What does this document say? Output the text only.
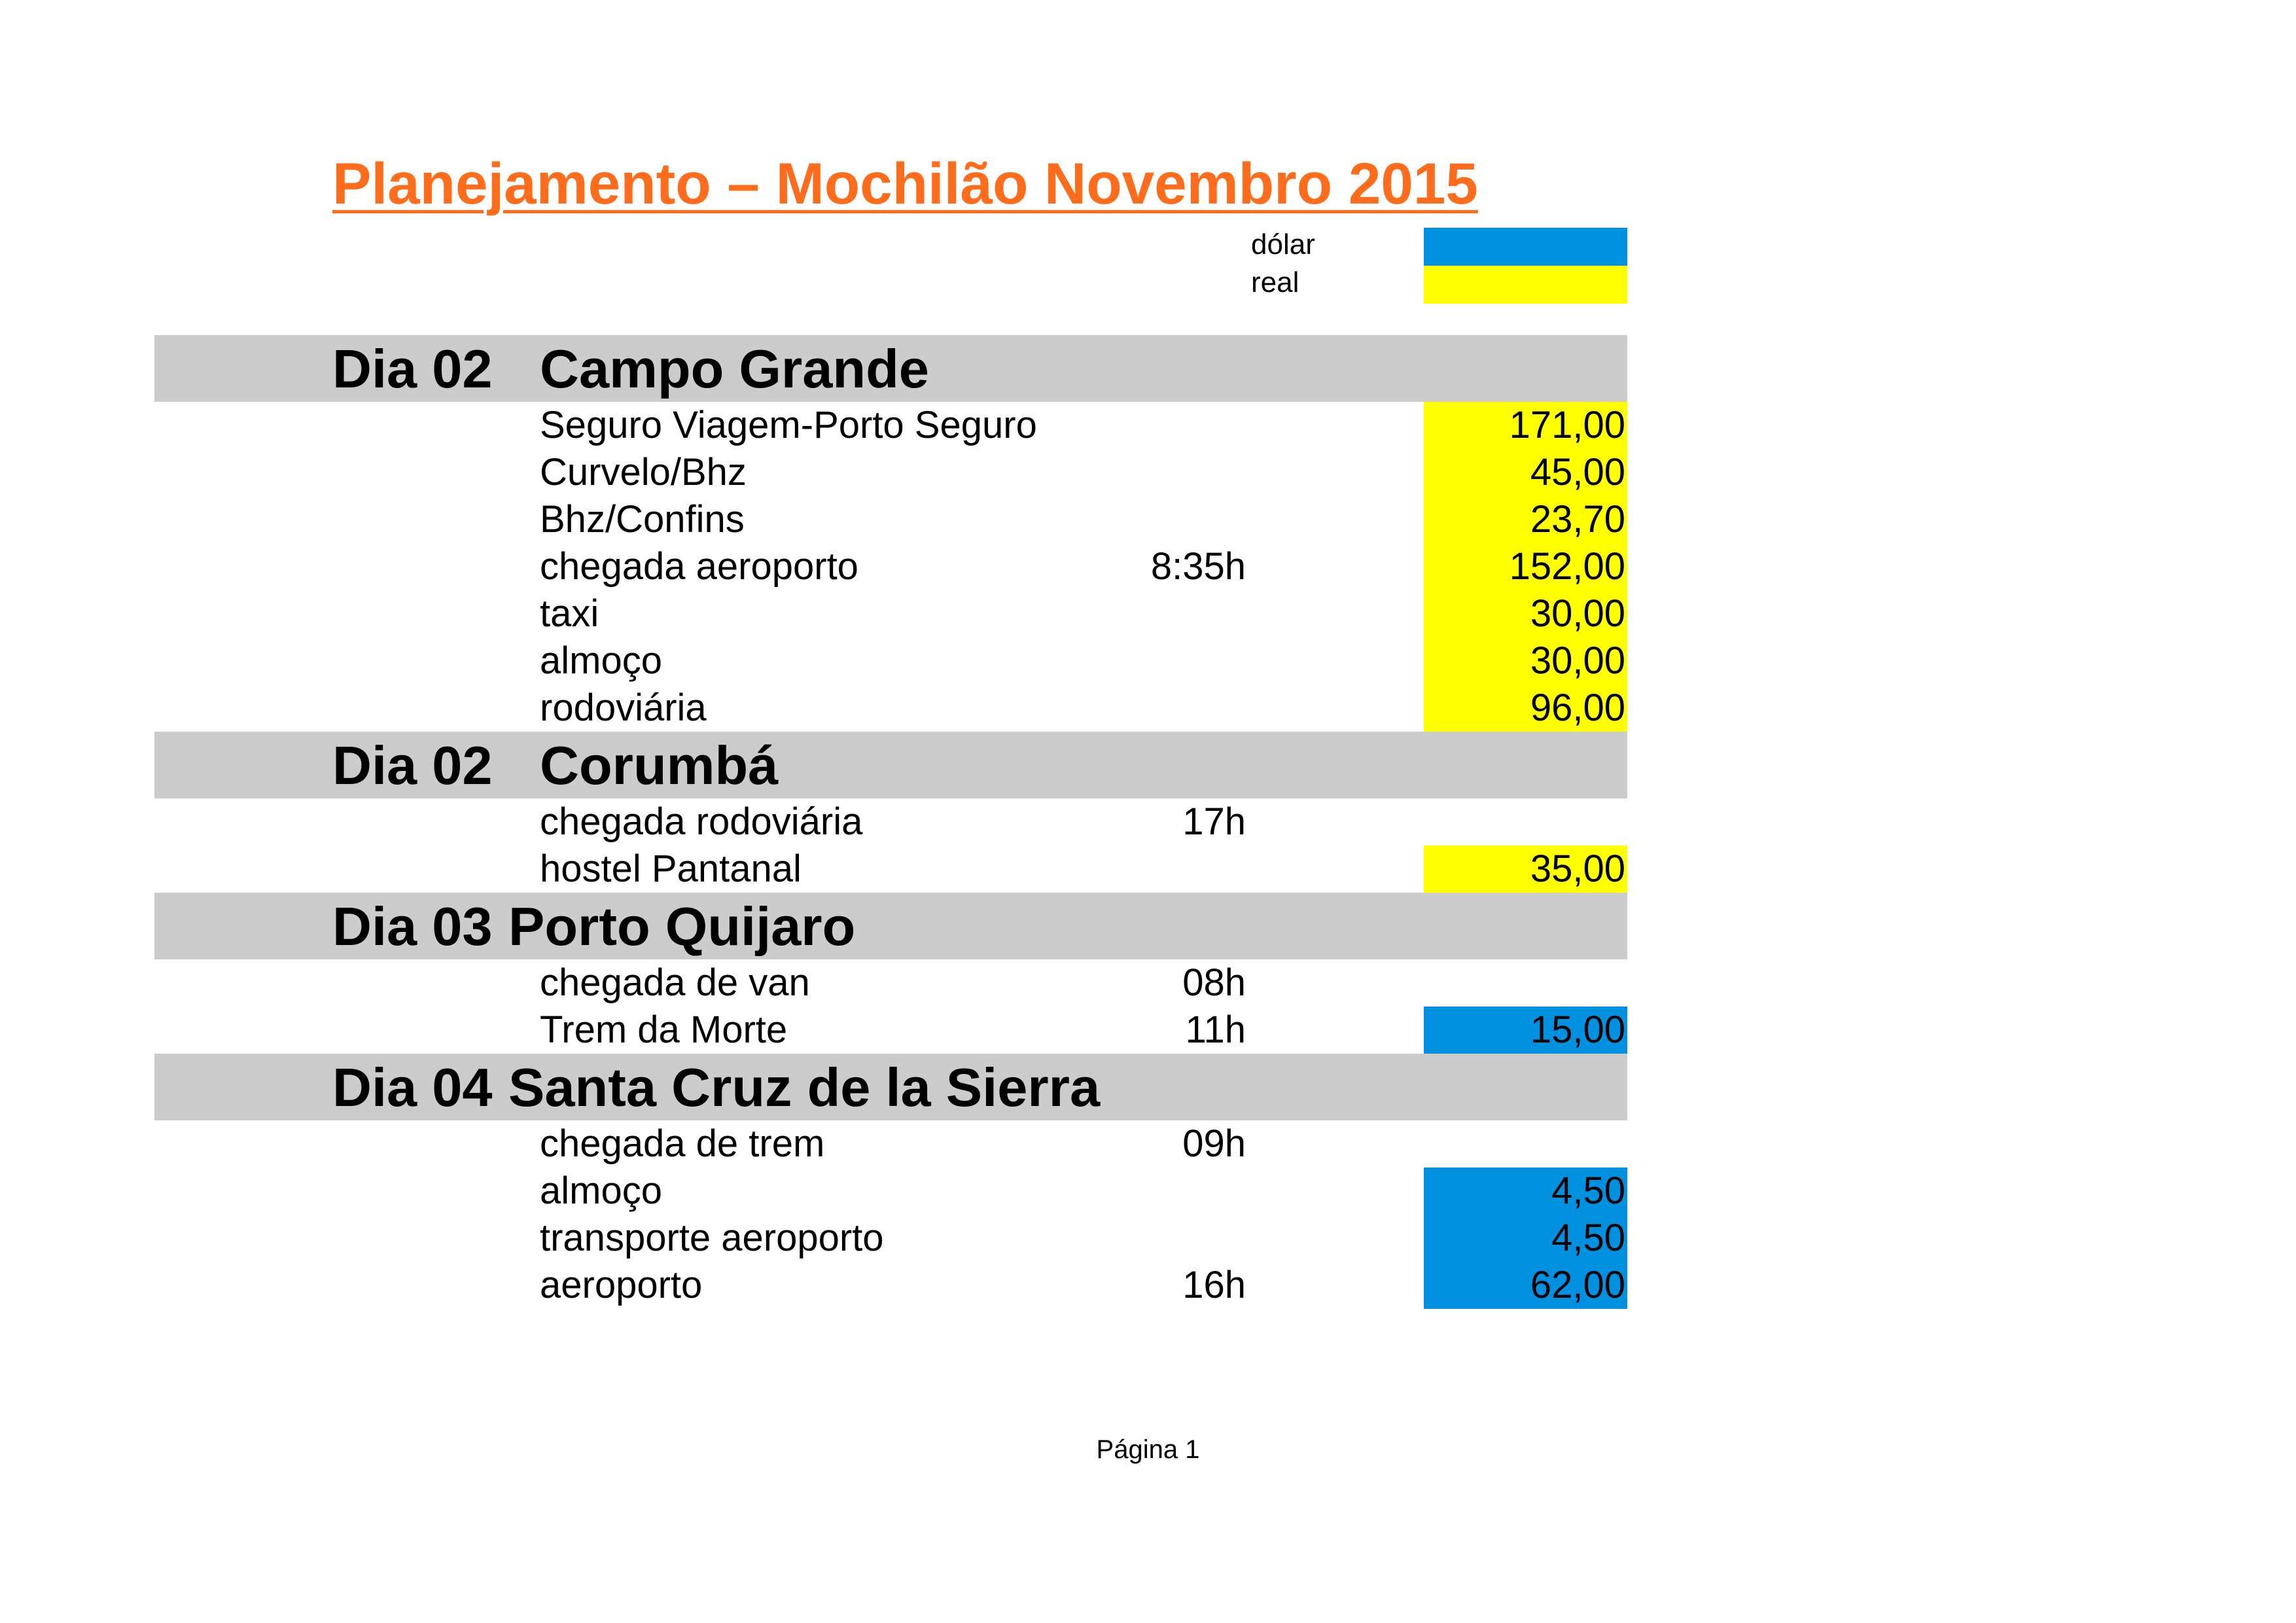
Planejamento – Mochilão Novembro 2015
dólar
real
Dia 02 Campo Grande
Seguro Viagem-Porto Seguro	171,00
Curvelo/Bhz	45,00
Bhz/Confins	23,70
chegada aeroporto	8:35h	152,00
taxi	30,00
almoço	30,00
rodoviária	96,00
Dia 02 Corumbá
chegada rodoviária	17h
hostel Pantanal	35,00
Dia 03 Porto Quijaro
chegada de van	08h
Trem da Morte	11h	15,00
Dia 04 Santa Cruz de la Sierra
chegada de trem	09h
almoço	4,50
transporte aeroporto	4,50
aeroporto	16h	62,00
Página 1
